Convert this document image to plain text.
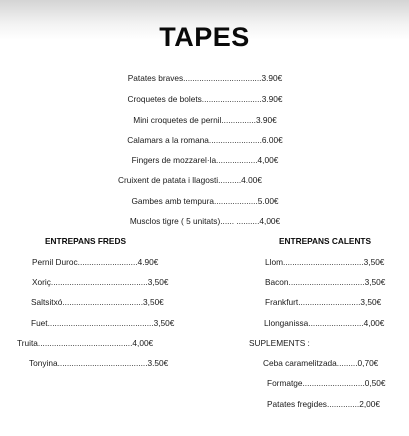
TAPES
Patates braves..................................3.90€
Croquetes de bolets..........................3.90€
Mini croquetes de pernil...............3.90€
Calamars a la romana.......................6.00€
Fingers de mozzarel·la..................4,00€
Cruixent de patata i llagosti..........4.00€
Gambes amb tempura...................5.00€
Musclos tigre ( 5 unitats)...... ..........4,00€
ENTREPANS FREDS
Pernil Duroc..........................4.90€
Xoriç..........................................3,50€
Saltsitxó...................................3,50€
Fuet..............................................3,50€
Truita.........................................4,00€
Tonyina.......................................3.50€
ENTREPANS CALENTS
Llom...................................3,50€
Bacon.................................3,50€
Frankfurt...........................3,50€
Llonganissa........................4,00€
SUPLEMENTS :
Ceba caramelitzada.........0,70€
Formatge...........................0,50€
Patates fregides..............2,00€
